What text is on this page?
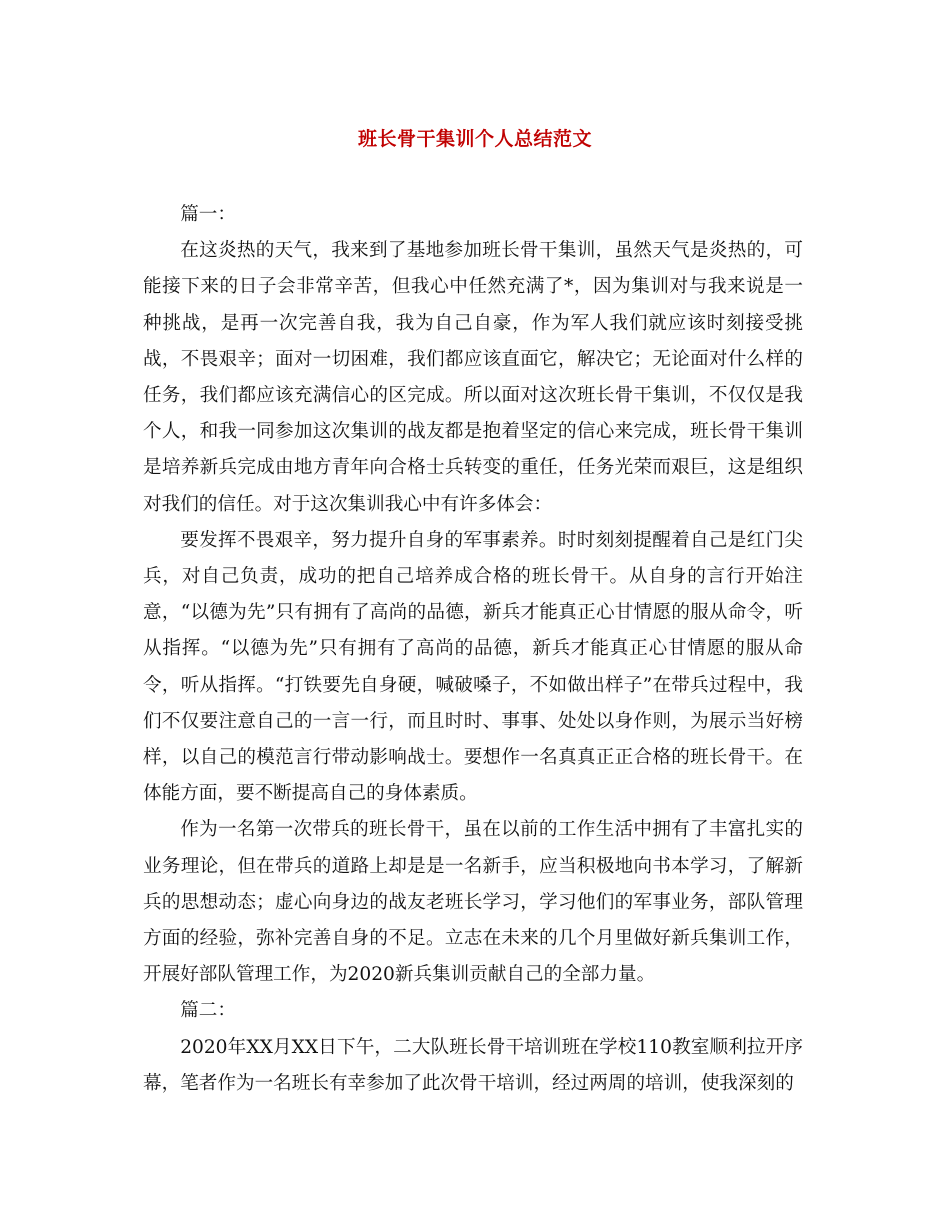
班长骨干集训个人总结范文

篇一：

在这炎热的天气，我来到了基地参加班长骨干集训，虽然天气是炎热的，可能接下来的日子会非常辛苦，但我心中任然充满了*，因为集训对与我来说是一种挑战，是再一次完善自我，我为自己自豪，作为军人我们就应该时刻接受挑战，不畏艰辛；面对一切困难，我们都应该直面它，解决它；无论面对什么样的任务，我们都应该充满信心的区完成。所以面对这次班长骨干集训，不仅仅是我个人，和我一同参加这次集训的战友都是抱着坚定的信心来完成，班长骨干集训是培养新兵完成由地方青年向合格士兵转变的重任，任务光荣而艰巨，这是组织对我们的信任。对于这次集训我心中有许多体会：

要发挥不畏艰辛，努力提升自身的军事素养。时时刻刻提醒着自己是红门尖兵，对自己负责，成功的把自己培养成合格的班长骨干。从自身的言行开始注意，“以德为先”只有拥有了高尚的品德，新兵才能真正心甘情愿的服从命令，听从指挥。“以德为先”只有拥有了高尚的品德，新兵才能真正心甘情愿的服从命令，听从指挥。“打铁要先自身硬，喊破嗓子，不如做出样子”在带兵过程中，我们不仅要注意自己的一言一行，而且时时、事事、处处以身作则，为展示当好榜样，以自己的模范言行带动影响战士。要想作一名真真正正合格的班长骨干。在体能方面，要不断提高自己的身体素质。

作为一名第一次带兵的班长骨干，虽在以前的工作生活中拥有了丰富扎实的业务理论，但在带兵的道路上却是是一名新手，应当积极地向书本学习，了解新兵的思想动态；虚心向身边的战友老班长学习，学习他们的军事业务，部队管理方面的经验，弥补完善自身的不足。立志在未来的几个月里做好新兵集训工作，开展好部队管理工作，为2020新兵集训贡献自己的全部力量。

篇二：

2020年XX月XX日下午，二大队班长骨干培训班在学校110教室顺利拉开序幕，笔者作为一名班长有幸参加了此次骨干培训，经过两周的培训，使我深刻的
